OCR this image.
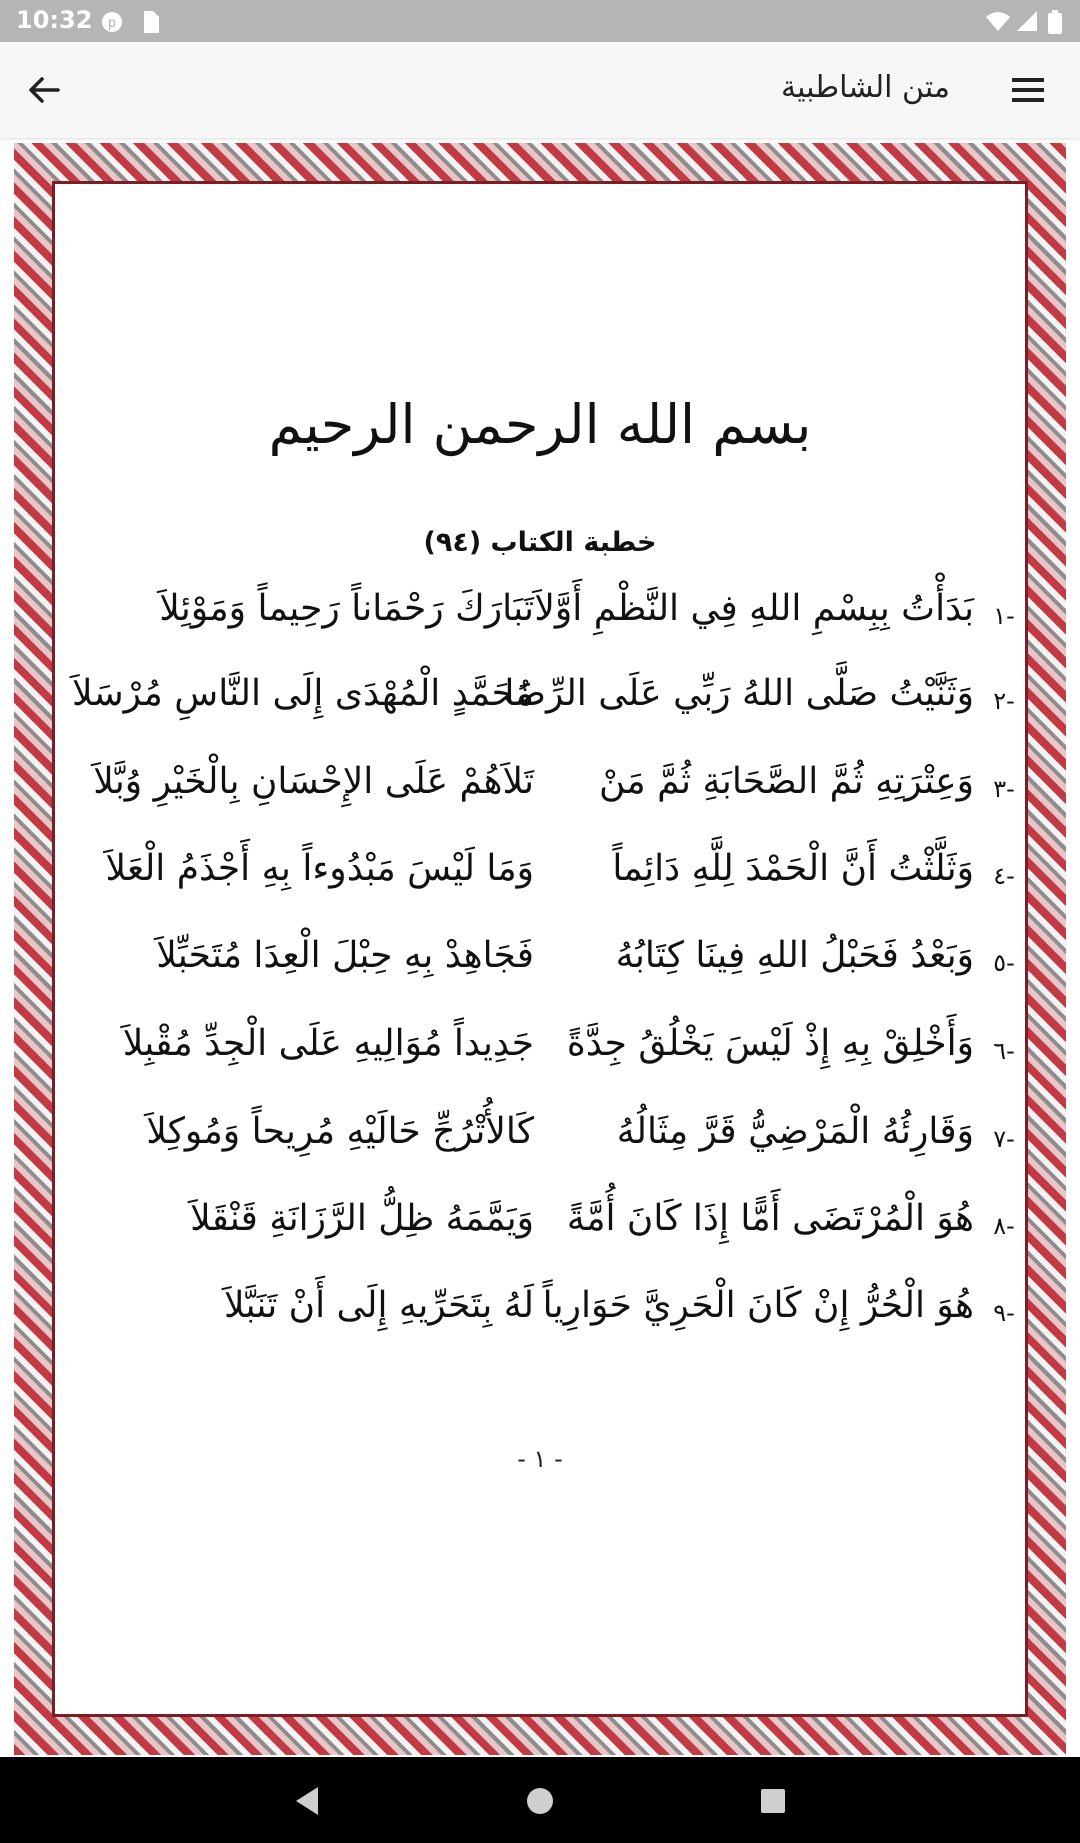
10:32 p
متن الشاطبية
بسم الله الرحمن الرحيم
خطبة الكتاب (٩٤)
-١
بَدَأْتُ بِبِسْمِ اللهِ فِي النَّظْمِ أَوَّلاَ
تَبَارَكَ رَحْمَاناً رَحِيماً وَمَوْئِلاَ
-٢
وَثَنَّيْتُ صَلَّى اللهُ رَبِّي عَلَى الرِّضَا
مُحَمَّدٍ الْمُهْدَى إِلَى النَّاسِ مُرْسَلاَ
-٣
وَعِتْرَتِهِ ثُمَّ الصَّحَابَةِ ثُمَّ مَنْ
تَلاَهُمْ عَلَى الإِحْسَانِ بِالْخَيْرِ وُبَّلاَ
-٤
وَثَلَّثْتُ أَنَّ الْحَمْدَ لِلَّهِ دَائِماً
وَمَا لَيْسَ مَبْدُوءاً بِهِ أَجْذَمُ الْعَلاَ
-٥
وَبَعْدُ فَحَبْلُ اللهِ فِينَا كِتَابُهُ
فَجَاهِدْ بِهِ حِبْلَ الْعِدَا مُتَحَبِّلاَ
-٦
وَأَخْلِقْ بِهِ إِذْ لَيْسَ يَخْلُقُ جِدَّةً
جَدِيداً مُوَالِيهِ عَلَى الْجِدِّ مُقْبِلاَ
-٧
وَقَارِئُهُ الْمَرْضِيُّ قَرَّ مِثَالُهُ
كَالأُتْرُجِّ حَالَيْهِ مُرِيحاً وَمُوكِلاَ
-٨
هُوَ الْمُرْتَضَى أَمًّا إِذَا كَانَ أُمَّةً
وَيَمَّمَهُ ظِلُّ الرَّزَانَةِ قَنْقَلاَ
-٩
هُوَ الْحُرُّ إِنْ كَانَ الْحَرِيَّ حَوَارِياً
لَهُ بِتَحَرِّيهِ إِلَى أَنْ تَنَبَّلاَ
- ١ -
